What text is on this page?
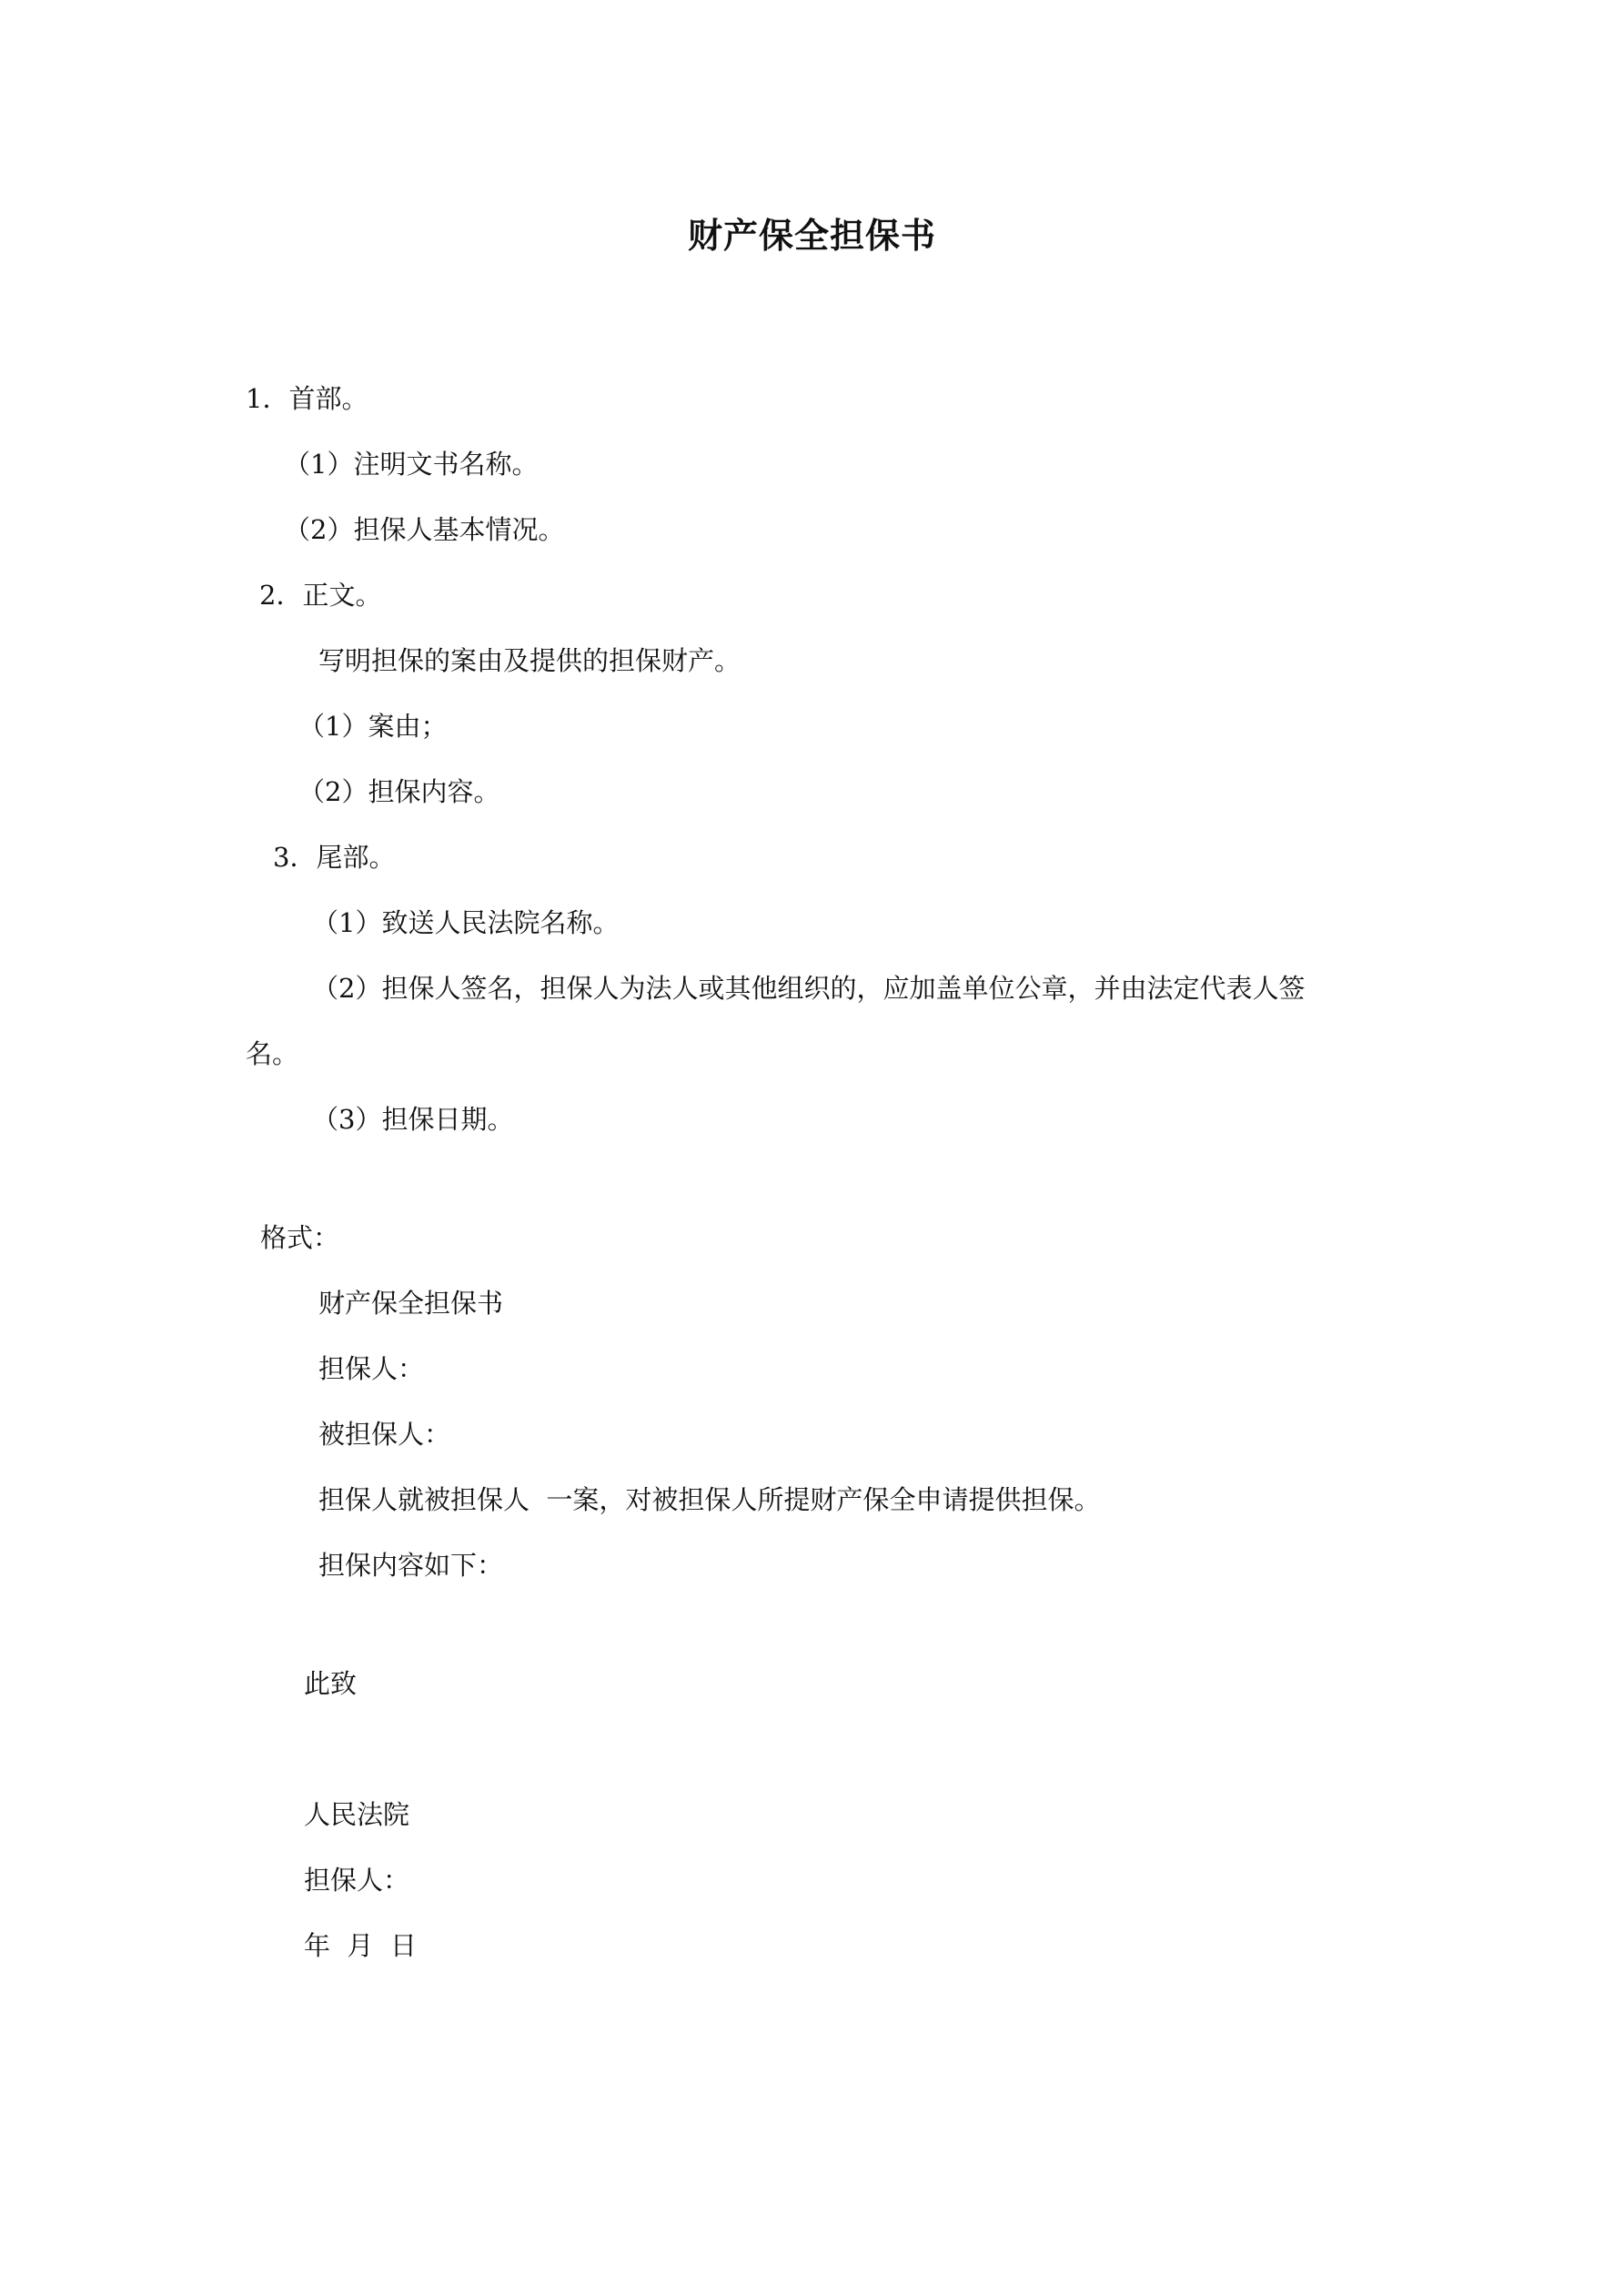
财产保全担保书
1．首部。
（1）注明文书名称。
（2）担保人基本情况。
2．正文。
写明担保的案由及提供的担保财产。
（1）案由；
（2）担保内容。
3．尾部。
（1）致送人民法院名称。
（2）担保人签名，担保人为法人或其他组织的，应加盖单位公章，并由法定代表人签
名。
（3）担保日期。
格式：
财产保全担保书
担保人：
被担保人：
担保人就被担保人  一案，对被担保人所提财产保全申请提供担保。
担保内容如下：
此致
人民法院
担保人：
年  月  日
